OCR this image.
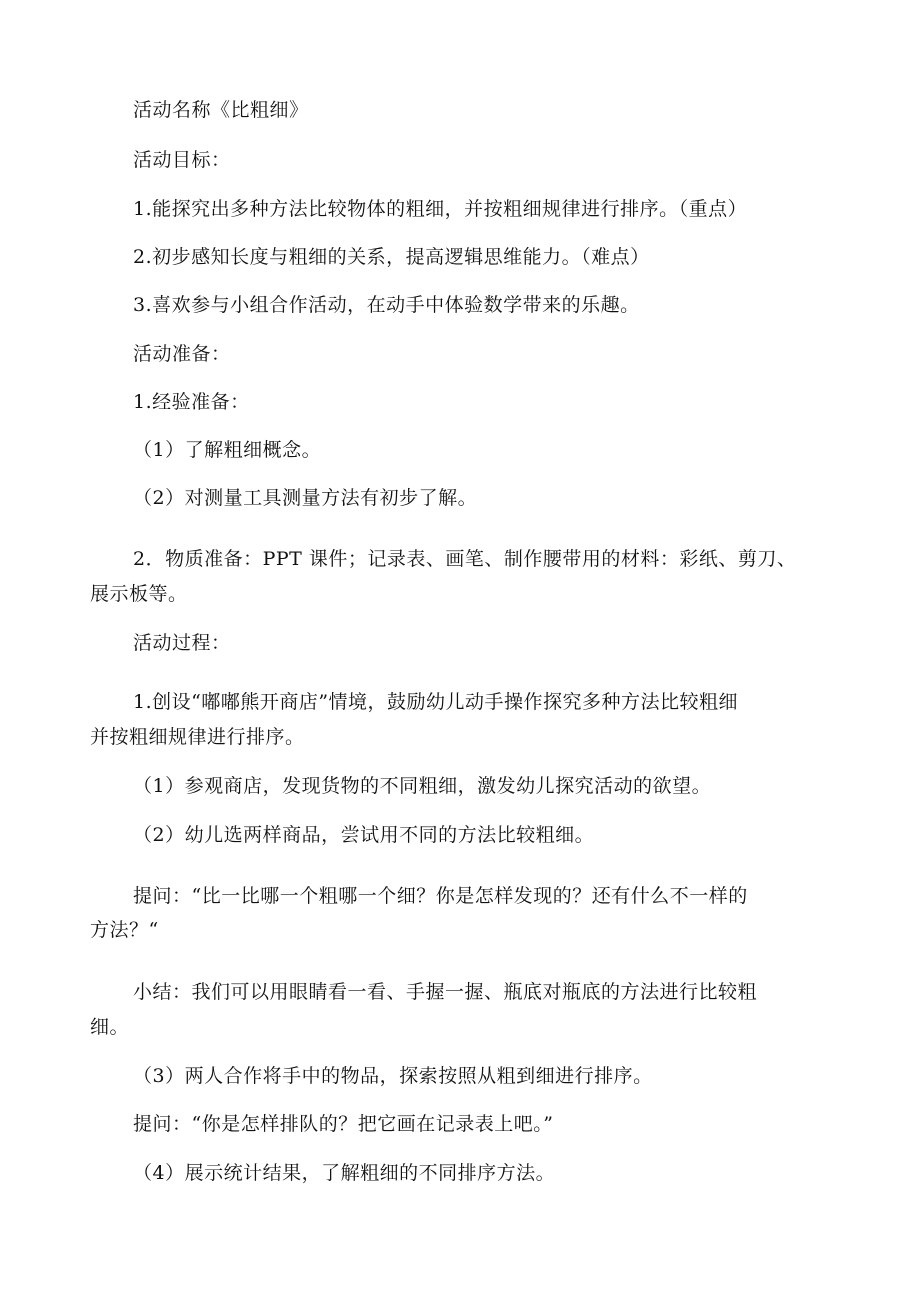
活动名称《比粗细》
活动目标：
1.能探究出多种方法比较物体的粗细，并按粗细规律进行排序。（重点）
2.初步感知长度与粗细的关系，提高逻辑思维能力。（难点）
3.喜欢参与小组合作活动，在动手中体验数学带来的乐趣。
活动准备：
1.经验准备：
（1）了解粗细概念。
（2）对测量工具测量方法有初步了解。
2．物质准备：PPT 课件；记录表、画笔、制作腰带用的材料：彩纸、剪刀、
展示板等。
活动过程：
1.创设“嘟嘟熊开商店”情境，鼓励幼儿动手操作探究多种方法比较粗细
并按粗细规律进行排序。
（1）参观商店，发现货物的不同粗细，激发幼儿探究活动的欲望。
（2）幼儿选两样商品，尝试用不同的方法比较粗细。
提问：“比一比哪一个粗哪一个细？你是怎样发现的？还有什么不一样的
方法？“
小结：我们可以用眼睛看一看、手握一握、瓶底对瓶底的方法进行比较粗
细。
（3）两人合作将手中的物品，探索按照从粗到细进行排序。
提问：“你是怎样排队的？把它画在记录表上吧。”
（4）展示统计结果，了解粗细的不同排序方法。
